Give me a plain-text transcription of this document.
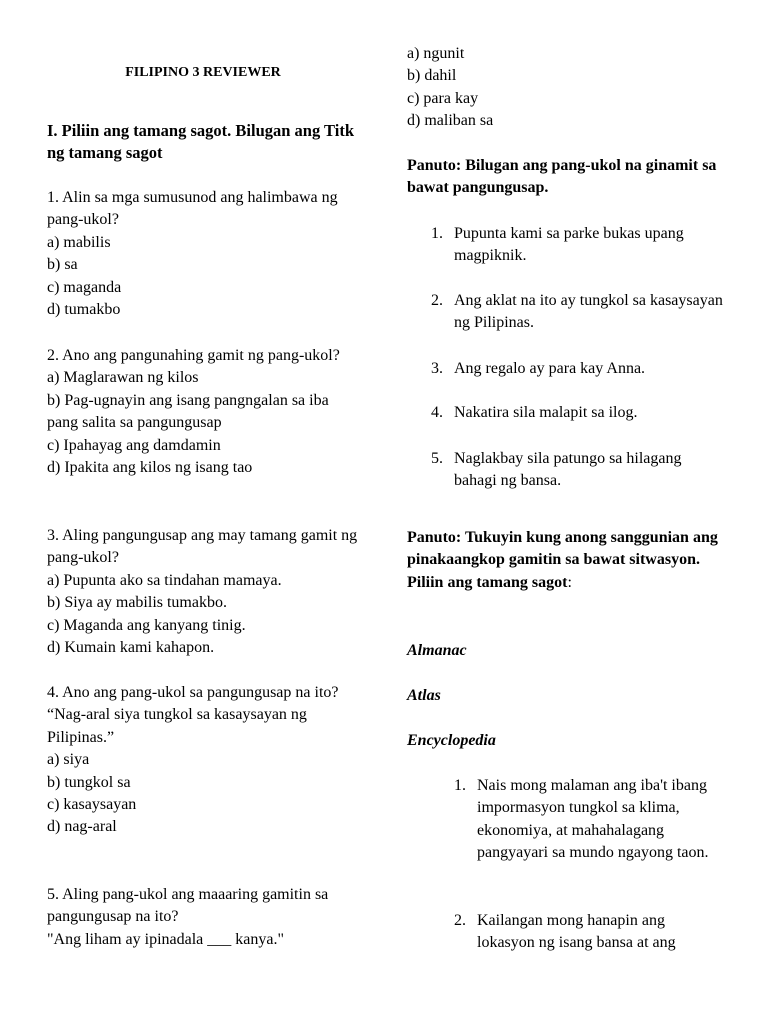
FILIPINO 3 REVIEWER
I. Piliin ang tamang sagot. Bilugan ang Titk ng tamang sagot

1. Alin sa mga sumusunod ang halimbawa ng pang-ukol?

a) mabilis

b) sa

c) maganda

d) tumakbo

2. Ano ang pangunahing gamit ng pang-ukol?

a) Maglarawan ng kilos

b) Pag-ugnayin ang isang pangngalan sa iba pang salita sa pangungusap

c) Ipahayag ang damdamin

d) Ipakita ang kilos ng isang tao

3. Aling pangungusap ang may tamang gamit ng pang-ukol?

a) Pupunta ako sa tindahan mamaya.

b) Siya ay mabilis tumakbo.

c) Maganda ang kanyang tinig.

d) Kumain kami kahapon.

4. Ano ang pang-ukol sa pangungusap na ito?

“Nag-aral siya tungkol sa kasaysayan ng Pilipinas.”

a) siya

b) tungkol sa

c) kasaysayan

d) nag-aral

5. Aling pang-ukol ang maaaring gamitin sa pangungusap na ito?

"Ang liham ay ipinadala ___ kanya."

a) ngunit

b) dahil

c) para kay

d) maliban sa

Panuto: Bilugan ang pang-ukol na ginamit sa bawat pangungusap.
1. Pupunta kami sa parke bukas upang magpiknik.
2. Ang aklat na ito ay tungkol sa kasaysayan ng Pilipinas.
3. Ang regalo ay para kay Anna.
4. Nakatira sila malapit sa ilog.
5. Naglakbay sila patungo sa hilagang bahagi ng bansa.
Panuto: Tukuyin kung anong sanggunian ang pinakaangkop gamitin sa bawat sitwasyon. Piliin ang tamang sagot:
Almanac
Atlas
Encyclopedia
1. Nais mong malaman ang iba't ibang impormasyon tungkol sa klima, ekonomiya, at mahahalagang pangyayari sa mundo ngayong taon.
2. Kailangan mong hanapin ang lokasyon ng isang bansa at ang
